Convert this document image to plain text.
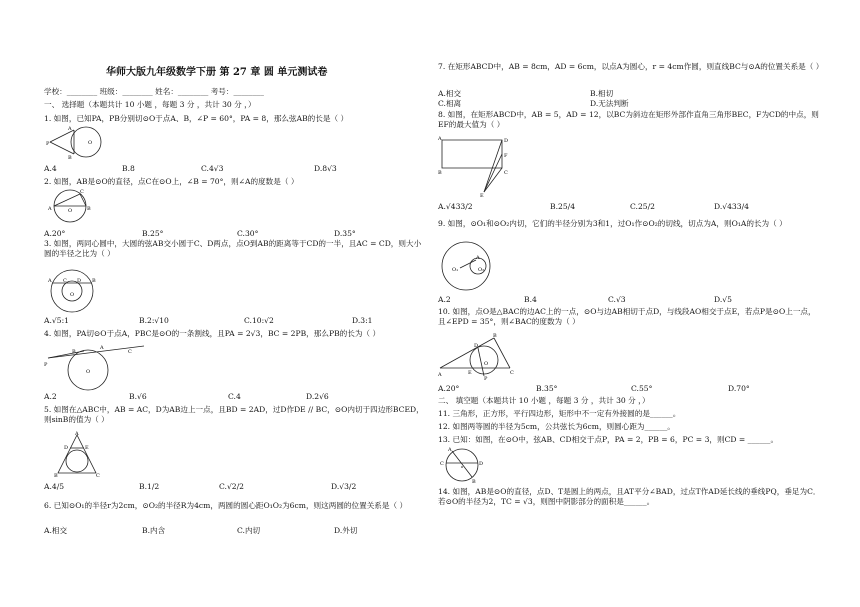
华师大版九年级数学下册 第 27 章 圆 单元测试卷
学校：________ 班级：________ 姓名：________ 考号：________
一、 选择题（本题共计 10 小题 ，每题 3 分 ，共计 30 分 ，）
1. 如图，已知PA，PB分别切⊙O于点A、B，∠P = 60°，PA = 8，那么弦AB的长是（ ）
P
A
B
O
A.4	B.8	C.4√3	D.8√3
2. 如图，AB是⊙O的直径，点C在⊙O上，∠B = 70°，则∠A的度数是（ ）
A	B
C
O
A.20°	B.25°	C.30°	D.35°
3. 如图，两同心圆中，大圆的弦AB交小圆于C、D两点，点O到AB的距离等于CD的一半，且AC = CD，则大小圆的半径之比为（ ）
A	B
C D
O
A.√5:1	B.2:√10	C.10:√2	D.3:1
4. 如图，PA切⊙O于点A，PBC是⊙O的一条割线，且PA = 2√3，BC = 2PB，那么PB的长为（ ）
P
A
B	C
O
A.2	B.√6	C.4	D.2√6
5. 如图在△ABC中，AB = AC，D为AB边上一点，且BD = 2AD，过D作DE // BC，⊙O内切于四边形BCED，则sinB的值为（ ）
A
B	C
D	E
A.4/5	B.1/2	C.√2/2	D.√3/2
6. 已知⊙O₁的半径r为2cm，⊙O₂的半径R为4cm，两圆的圆心距O₁O₂为6cm，则这两圆的位置关系是（ ）
A.相交	B.内含	C.内切	D.外切
7. 在矩形ABCD中，AB = 8cm，AD = 6cm，以点A为圆心，r = 4cm作圆，则直线BC与⊙A的位置关系是（ ）
A.相交	B.相切
C.相离	D.无法判断
8. 如图，在矩形ABCD中，AB = 5，AD = 12，以BC为斜边在矩形外部作直角三角形BEC，F为CD的中点，则EF的最大值为（ ）
A
B	C
D
F
E
A.√433/2	B.25/4	C.25/2	D.√433/4
9. 如图，⊙O₁和⊙O₂内切，它们的半径分别为3和1，过O₁作⊙O₂的切线，切点为A，则O₁A的长为（ ）
O₁
A
O₂
A.2	B.4	C.√3	D.√5
10. 如图，点O是△BAC的边AC上的一点，⊙O与边AB相切于点D，与线段AO相交于点E，若点P是⊙O上一点，且∠EPD = 35°，则∠BAC的度数为（ ）
A
B
C
D
E
O
P
A.20°	B.35°	C.55°	D.70°
二、 填空题（本题共计 10 小题 ，每题 3 分 ，共计 30 分 ，）
11. 三角形，正方形，平行四边形，矩形中不一定有外接圆的是______。
12. 如图两等圆的半径为5cm，公共弦长为6cm，则圆心距为______。
13. 已知：如图，在⊙O中，弦AB、CD相交于点P，PA = 2，PB = 6，PC = 3，则CD = ______。
C	D
A
B
14. 如图，AB是⊙O的直径，点D、T是圆上的两点，且AT平分∠BAD，过点T作AD延长线的垂线PQ，垂足为C．若⊙O的半径为2，TC = √3，则图中阴影部分的面积是______。
